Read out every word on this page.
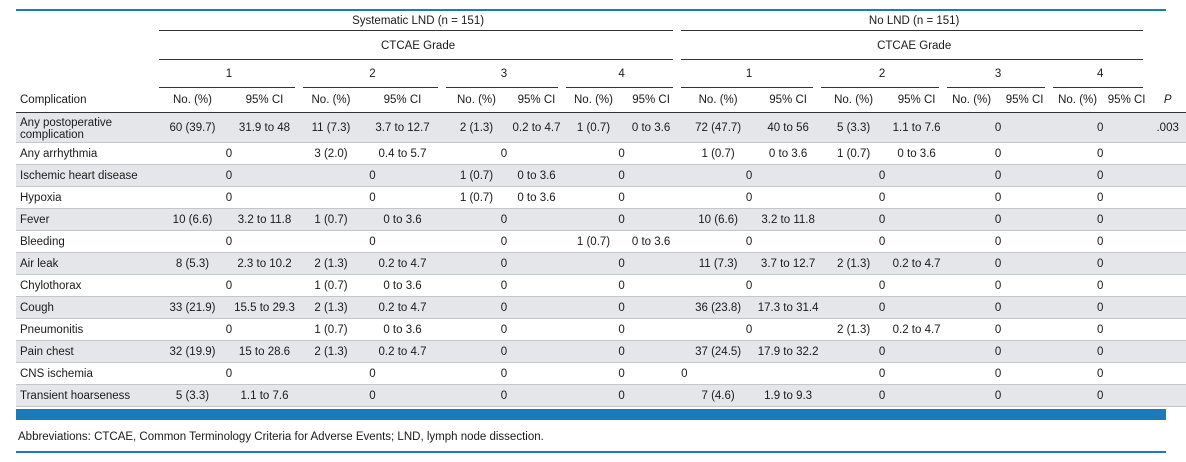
	Systematic LND (n = 151)								No LND (n = 151)								
	CTCAE Grade								CTCAE Grade								
	1		2		3		4		1		2		3		4		
Complication	No. (%)	95% CI	No. (%)	95% CI	No. (%)	95% CI	No. (%)	95% CI	No. (%)	95% CI	No. (%)	95% CI	No. (%)	95% CI	No. (%)	95% CI	P
Any postoperative complication	60 (39.7)	31.9 to 48	11 (7.3)	3.7 to 12.7	2 (1.3)	0.2 to 4.7	1 (0.7)	0 to 3.6	72 (47.7)	40 to 56	5 (3.3)	1.1 to 7.6	0		0		.003
Any arrhythmia	0		3 (2.0)	0.4 to 5.7	0		0		1 (0.7)	0 to 3.6	1 (0.7)	0 to 3.6	0		0		
Ischemic heart disease	0		0		1 (0.7)	0 to 3.6	0		0		0		0		0		
Hypoxia	0		0		1 (0.7)	0 to 3.6	0		0		0		0		0		
Fever	10 (6.6)	3.2 to 11.8	1 (0.7)	0 to 3.6	0		0		10 (6.6)	3.2 to 11.8	0		0		0		
Bleeding	0		0		0		1 (0.7)	0 to 3.6	0		0		0		0		
Air leak	8 (5.3)	2.3 to 10.2	2 (1.3)	0.2 to 4.7	0		0		11 (7.3)	3.7 to 12.7	2 (1.3)	0.2 to 4.7	0		0		
Chylothorax	0		1 (0.7)	0 to 3.6	0		0		0		0		0		0		
Cough	33 (21.9)	15.5 to 29.3	2 (1.3)	0.2 to 4.7	0		0		36 (23.8)	17.3 to 31.4	0		0		0		
Pneumonitis	0		1 (0.7)	0 to 3.6	0		0		0		2 (1.3)	0.2 to 4.7	0		0		
Pain chest	32 (19.9)	15 to 28.6	2 (1.3)	0.2 to 4.7	0		0		37 (24.5)	17.9 to 32.2	0		0		0		
CNS ischemia	0		0		0		0		0		0		0		0		
Transient hoarseness	5 (3.3)	1.1 to 7.6	0		0		0		7 (4.6)	1.9 to 9.3	0		0		0		
Abbreviations: CTCAE, Common Terminology Criteria for Adverse Events; LND, lymph node dissection.
